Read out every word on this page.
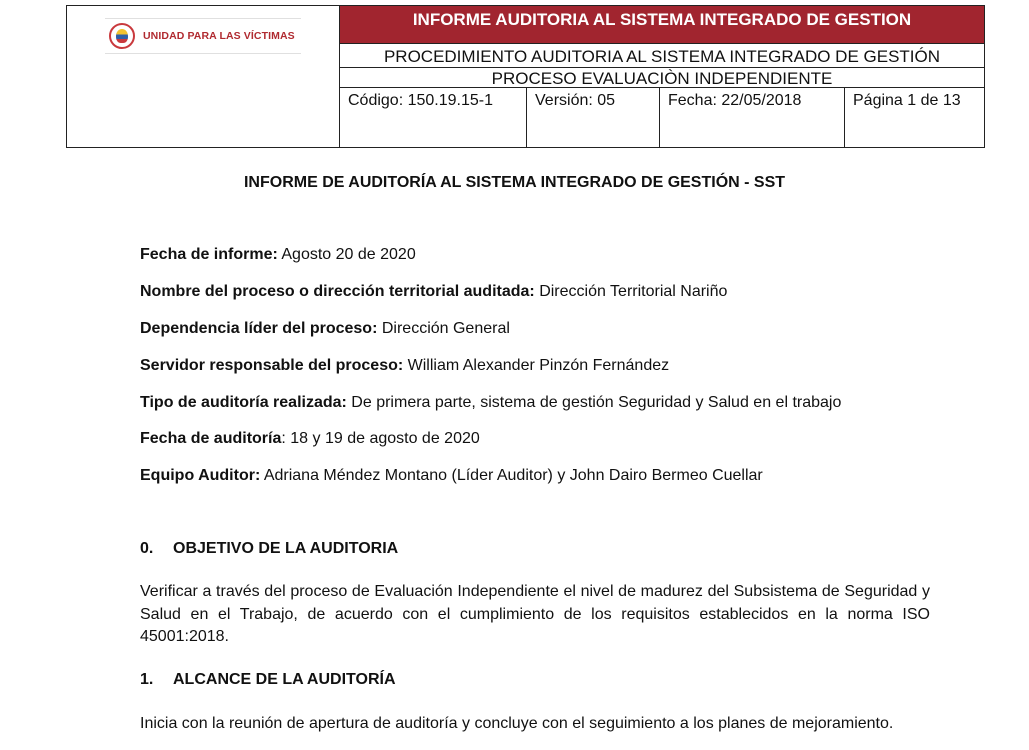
UNIDAD PARA LAS VÍCTIMAS
INFORME AUDITORIA AL SISTEMA INTEGRADO DE GESTION
PROCEDIMIENTO AUDITORIA AL SISTEMA INTEGRADO DE GESTIÓN
PROCESO EVALUACIÒN INDEPENDIENTE
Código: 150.19.15-1	Versión: 05	Fecha: 22/05/2018	Página 1 de 13
INFORME DE AUDITORÍA AL SISTEMA INTEGRADO DE GESTIÓN - SST
Fecha de informe: Agosto 20 de 2020
Nombre del proceso o dirección territorial auditada: Dirección Territorial Nariño
Dependencia líder del proceso: Dirección General
Servidor responsable del proceso: William Alexander Pinzón Fernández
Tipo de auditoría realizada: De primera parte, sistema de gestión Seguridad y Salud en el trabajo
Fecha de auditoría: 18 y 19 de agosto de 2020
Equipo Auditor: Adriana Méndez Montano (Líder Auditor) y John Dairo Bermeo Cuellar
0. OBJETIVO DE LA AUDITORIA
Verificar a través del proceso de Evaluación Independiente el nivel de madurez del Subsistema de Seguridad y Salud en el Trabajo, de acuerdo con el cumplimiento de los requisitos establecidos en la norma ISO 45001:2018.
1. ALCANCE DE LA AUDITORÍA
Inicia con la reunión de apertura de auditoría y concluye con el seguimiento a los planes de mejoramiento.
